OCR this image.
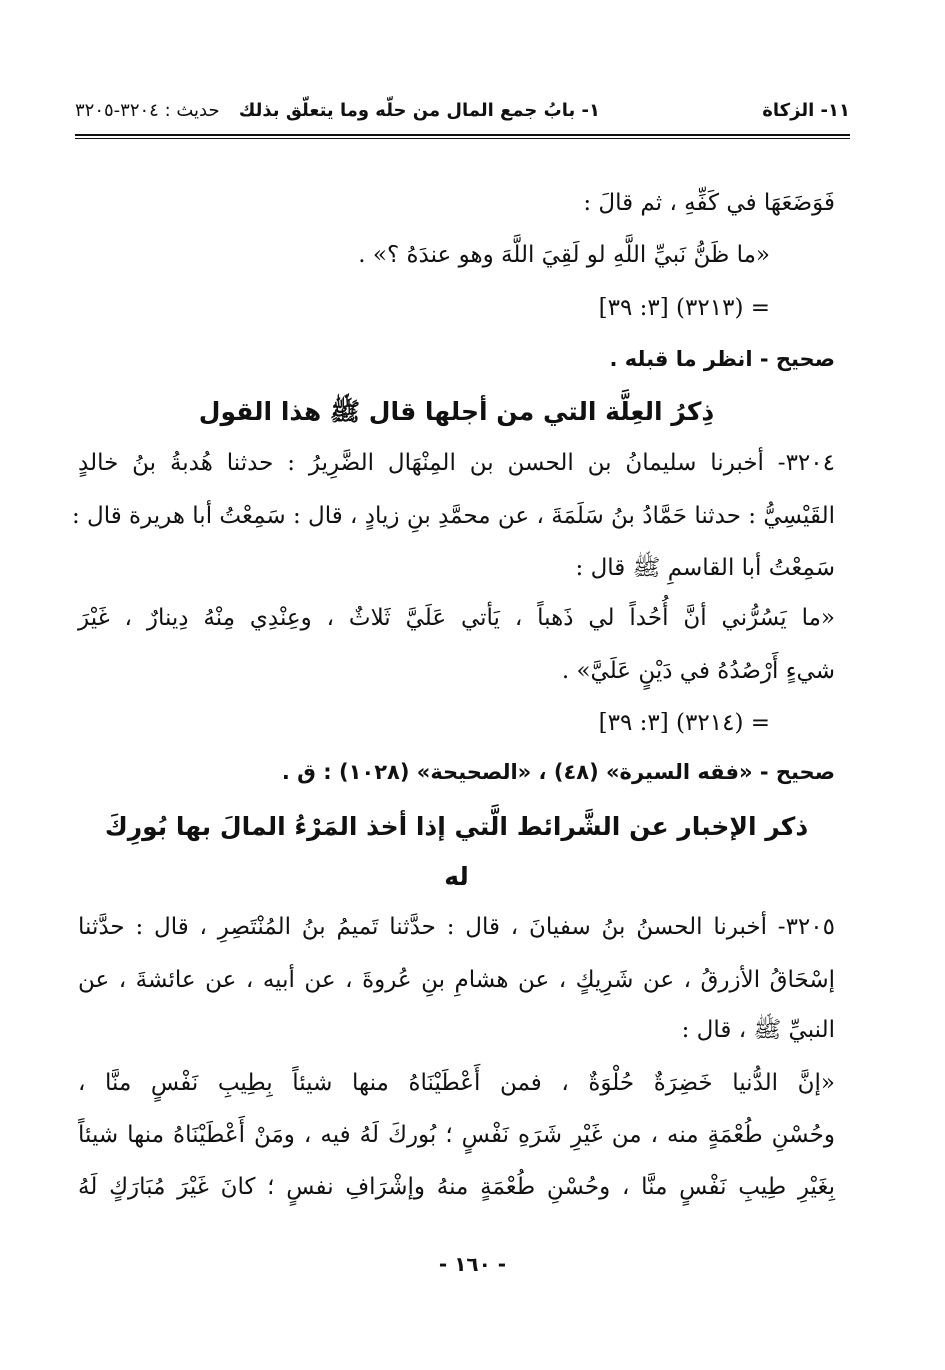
١١- الزكاة
١- بابُ جمع المال من حلّه وما يتعلّق بذلك
حديث : ٣٢٠٤-٣٢٠٥
فَوَضَعَهَا في كَفِّهِ ، ثم قالَ :
«ما ظَنُّ نَبيِّ اللَّهِ لو لَقِيَ اللَّهَ وهو عندَهُ ؟» .
= (٣٢١٣) [٣: ٣٩]
صحيح - انظر ما قبله .
ذِكرُ العِلَّة التي من أجلها قال ﷺ هذا القول
٣٢٠٤- أخبرنا سليمانُ بن الحسن بن المِنْهَال الضَّرِيرُ : حدثنا هُدبةُ بنُ خالدٍ
القَيْسِيُّ : حدثنا حَمَّادُ بنُ سَلَمَةَ ، عن محمَّدِ بنِ زيادٍ ، قال : سَمِعْتُ أبا هريرة قال :
سَمِعْتُ أبا القاسمِ ﷺ قال :
«ما يَسُرُّني أنَّ أُحُداً لي ذَهباً ، يَأتي عَلَيَّ ثَلاثٌ ، وعِنْدِي مِنْهُ دِينارٌ ، غَيْرَ
شيءٍ أَرْصُدُهُ في دَيْنٍ عَلَيَّ» .
= (٣٢١٤) [٣: ٣٩]
صحيح - «فقه السيرة» (٤٨) ، «الصحيحة» (١٠٢٨) : ق .
ذكر الإخبار عن الشَّرائط الَّتي إذا أخذ المَرْءُ المالَ بها بُورِكَ
له
٣٢٠٥- أخبرنا الحسنُ بنُ سفيانَ ، قال : حدَّثنا تَميمُ بنُ المُنْتَصِرِ ، قال : حدَّثنا
إسْحَاقُ الأزرقُ ، عن شَرِيكٍ ، عن هشامِ بنِ عُروةَ ، عن أبيه ، عن عائشةَ ، عن
النبيِّ ﷺ ، قال :
«إنَّ الدُّنيا خَضِرَةٌ حُلْوَةٌ ، فمن أَعْطَيْنَاهُ منها شيئاً بِطِيبِ نَفْسٍ منَّا ،
وحُسْنِ طُعْمَةٍ منه ، من غَيْرِ شَرَهِ نَفْسٍ ؛ بُوركَ لَهُ فيه ، ومَنْ أَعْطَيْنَاهُ منها شيئاً
بِغَيْرِ طِيبِ نَفْسٍ منَّا ، وحُسْنِ طُعْمَةٍ منهُ وإشْرَافِ نفسٍ ؛ كانَ غَيْرَ مُبَارَكٍ لَهُ
- ١٦٠ -
